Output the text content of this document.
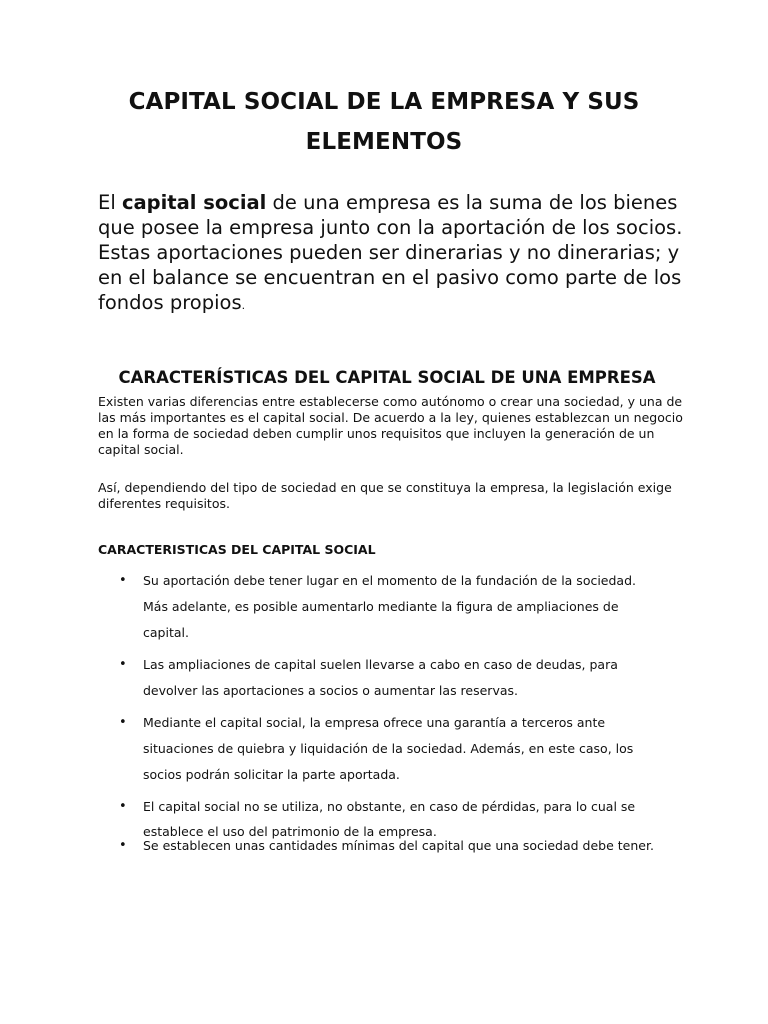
CAPITAL SOCIAL DE LA EMPRESA Y SUS ELEMENTOS

El capital social de una empresa es la suma de los bienes que posee la empresa junto con la aportación de los socios. Estas aportaciones pueden ser dinerarias y no dinerarias; y en el balance se encuentran en el pasivo como parte de los fondos propios.

CARACTERÍSTICAS DEL CAPITAL SOCIAL DE UNA EMPRESA

Existen varias diferencias entre establecerse como autónomo o crear una sociedad, y una de las más importantes es el capital social. De acuerdo a la ley, quienes establezcan un negocio en la forma de sociedad deben cumplir unos requisitos que incluyen la generación de un capital social.

Así, dependiendo del tipo de sociedad en que se constituya la empresa, la legislación exige diferentes requisitos.

CARACTERISTICAS DEL CAPITAL SOCIAL
• Su aportación debe tener lugar en el momento de la fundación de la sociedad. Más adelante, es posible aumentarlo mediante la figura de ampliaciones de capital.
• Las ampliaciones de capital suelen llevarse a cabo en caso de deudas, para devolver las aportaciones a socios o aumentar las reservas.
• Mediante el capital social, la empresa ofrece una garantía a terceros ante situaciones de quiebra y liquidación de la sociedad. Además, en este caso, los socios podrán solicitar la parte aportada.
• El capital social no se utiliza, no obstante, en caso de pérdidas, para lo cual se establece el uso del patrimonio de la empresa.
• Se establecen unas cantidades mínimas del capital que una sociedad debe tener.
